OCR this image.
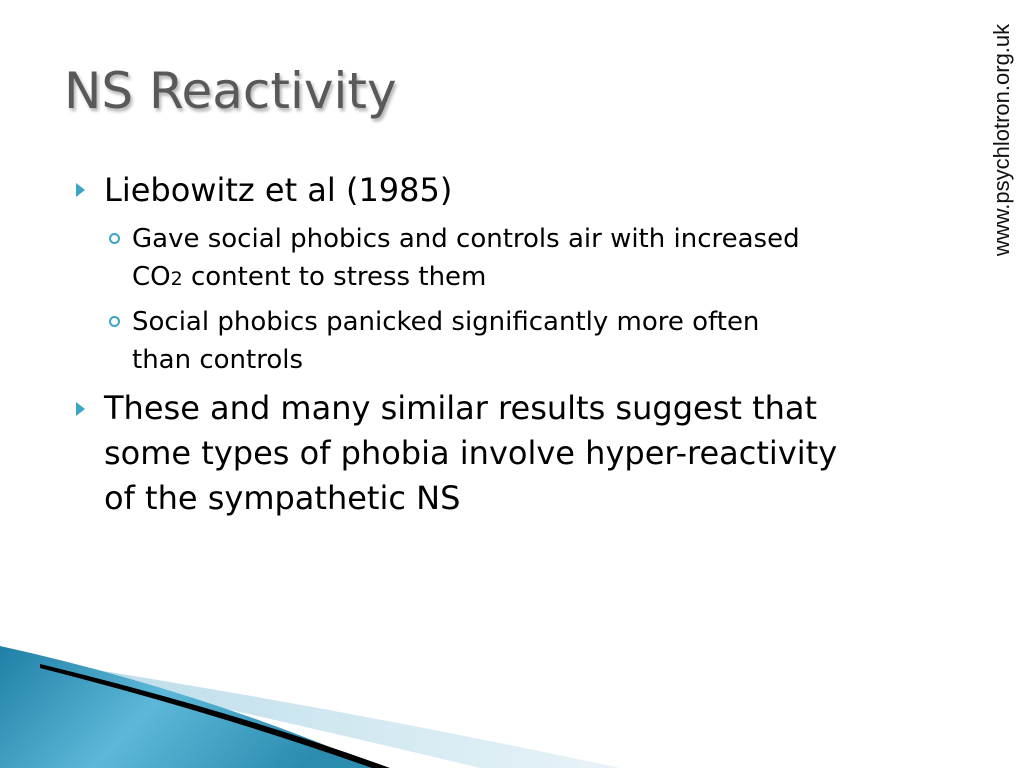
NS Reactivity	www.psychlotron.org.uk
Liebowitz et al (1985)
Gave social phobics and controls air with increased
CO2 content to stress them
Social phobics panicked significantly more often
than controls
These and many similar results suggest that
some types of phobia involve hyper-reactivity
of the sympathetic NS
